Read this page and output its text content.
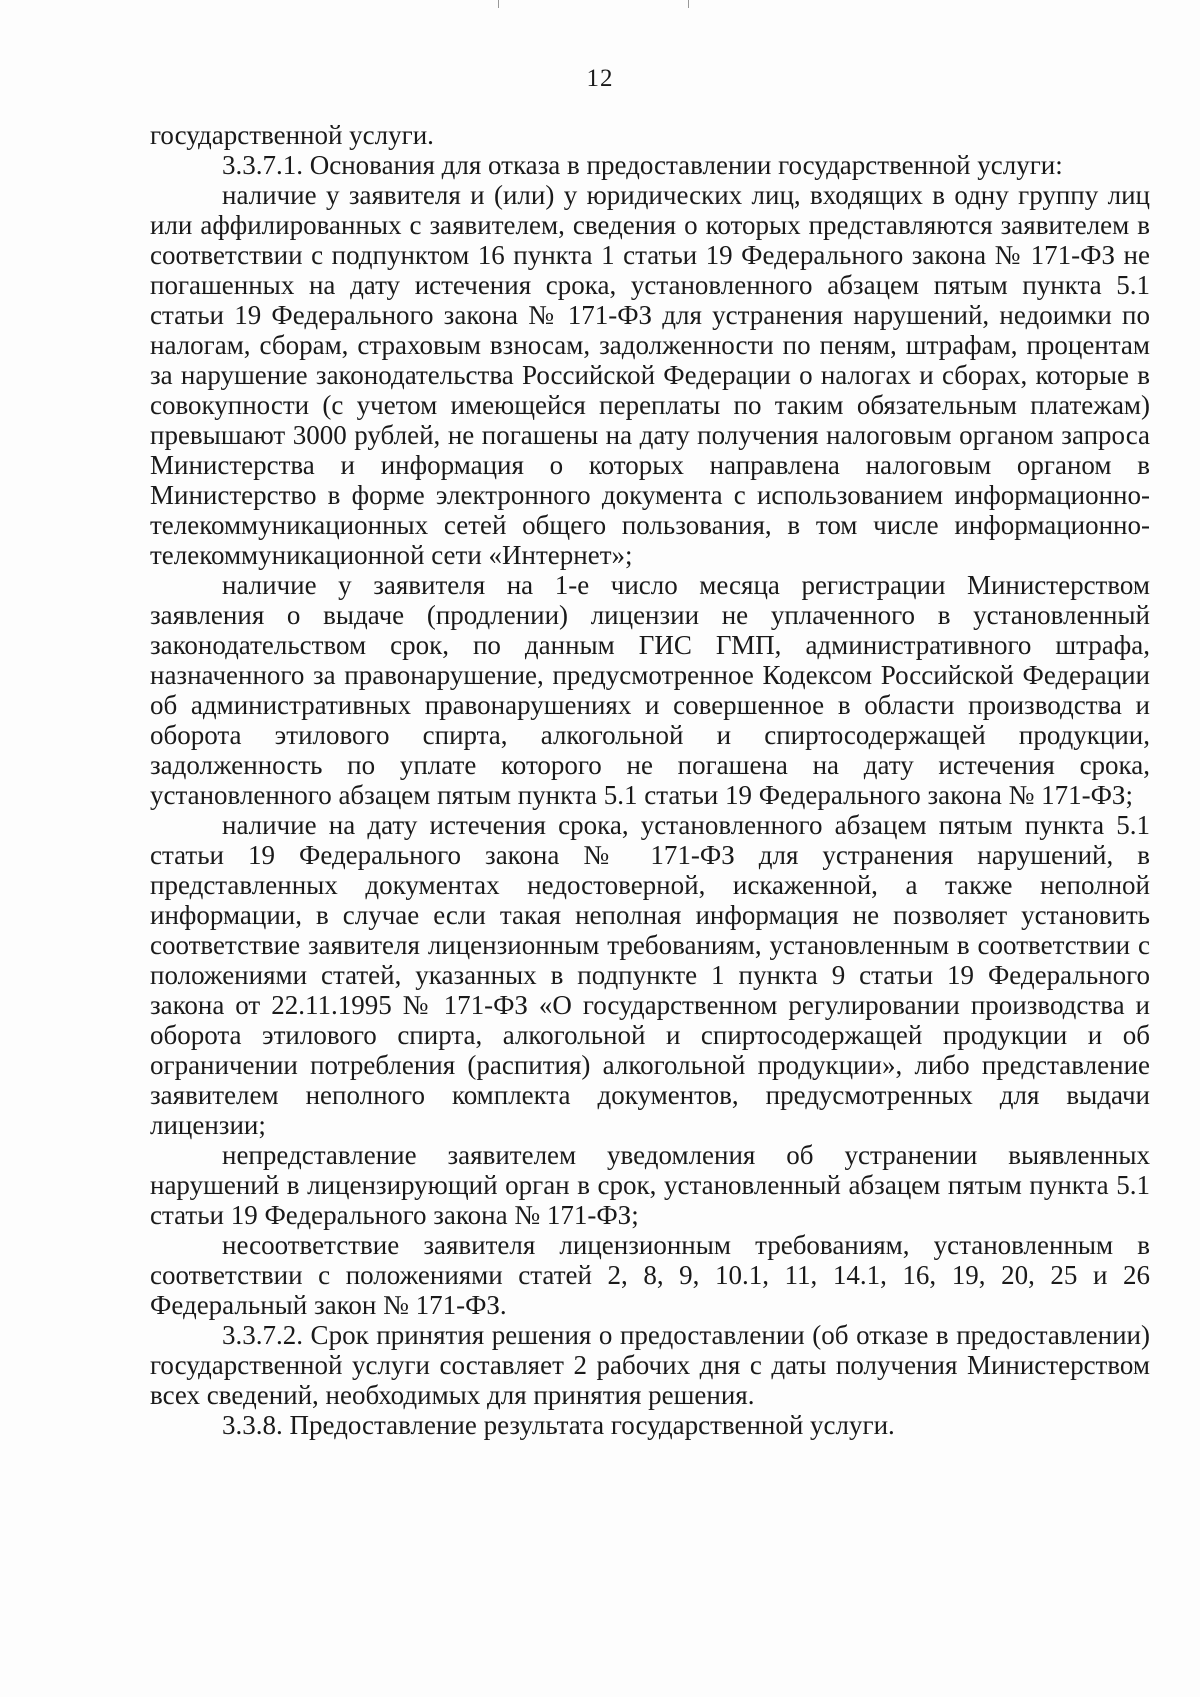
12

государственной услуги.

3.3.7.1. Основания для отказа в предоставлении государственной услуги:

наличие у заявителя и (или) у юридических лиц, входящих в одну группу лиц или аффилированных с заявителем, сведения о которых представляются заявителем в соответствии с подпунктом 16 пункта 1 статьи 19 Федерального закона № 171-ФЗ не погашенных на дату истечения срока, установленного абзацем пятым пункта 5.1 статьи 19 Федерального закона № 171-ФЗ для устранения нарушений, недоимки по налогам, сборам, страховым взносам, задолженности по пеням, штрафам, процентам за нарушение законодательства Российской Федерации о налогах и сборах, которые в совокупности (с учетом имеющейся переплаты по таким обязательным платежам) превышают 3000 рублей, не погашены на дату получения налоговым органом запроса Министерства и информация о которых направлена налоговым органом в Министерство в форме электронного документа с использованием информационно-телекоммуникационных сетей общего пользования, в том числе информационно-телекоммуникационной сети «Интернет»;

наличие у заявителя на 1-е число месяца регистрации Министерством заявления о выдаче (продлении) лицензии не уплаченного в установленный законодательством срок, по данным ГИС ГМП, административного штрафа, назначенного за правонарушение, предусмотренное Кодексом Российской Федерации об административных правонарушениях и совершенное в области производства и оборота этилового спирта, алкогольной и спиртосодержащей продукции, задолженность по уплате которого не погашена на дату истечения срока, установленного абзацем пятым пункта 5.1 статьи 19 Федерального закона № 171-ФЗ;

наличие на дату истечения срока, установленного абзацем пятым пункта 5.1 статьи 19 Федерального закона № 171-ФЗ для устранения нарушений, в представленных документах недостоверной, искаженной, а также неполной информации, в случае если такая неполная информация не позволяет установить соответствие заявителя лицензионным требованиям, установленным в соответствии с положениями статей, указанных в подпункте 1 пункта 9 статьи 19 Федерального закона от 22.11.1995 № 171-ФЗ «О государственном регулировании производства и оборота этилового спирта, алкогольной и спиртосодержащей продукции и об ограничении потребления (распития) алкогольной продукции», либо представление заявителем неполного комплекта документов, предусмотренных для выдачи лицензии;

непредставление заявителем уведомления об устранении выявленных нарушений в лицензирующий орган в срок, установленный абзацем пятым пункта 5.1 статьи 19 Федерального закона № 171-ФЗ;

несоответствие заявителя лицензионным требованиям, установленным в соответствии с положениями статей 2, 8, 9, 10.1, 11, 14.1, 16, 19, 20, 25 и 26 Федеральный закон № 171-ФЗ.

3.3.7.2. Срок принятия решения о предоставлении (об отказе в предоставлении) государственной услуги составляет 2 рабочих дня с даты получения Министерством всех сведений, необходимых для принятия решения.

3.3.8. Предоставление результата государственной услуги.
